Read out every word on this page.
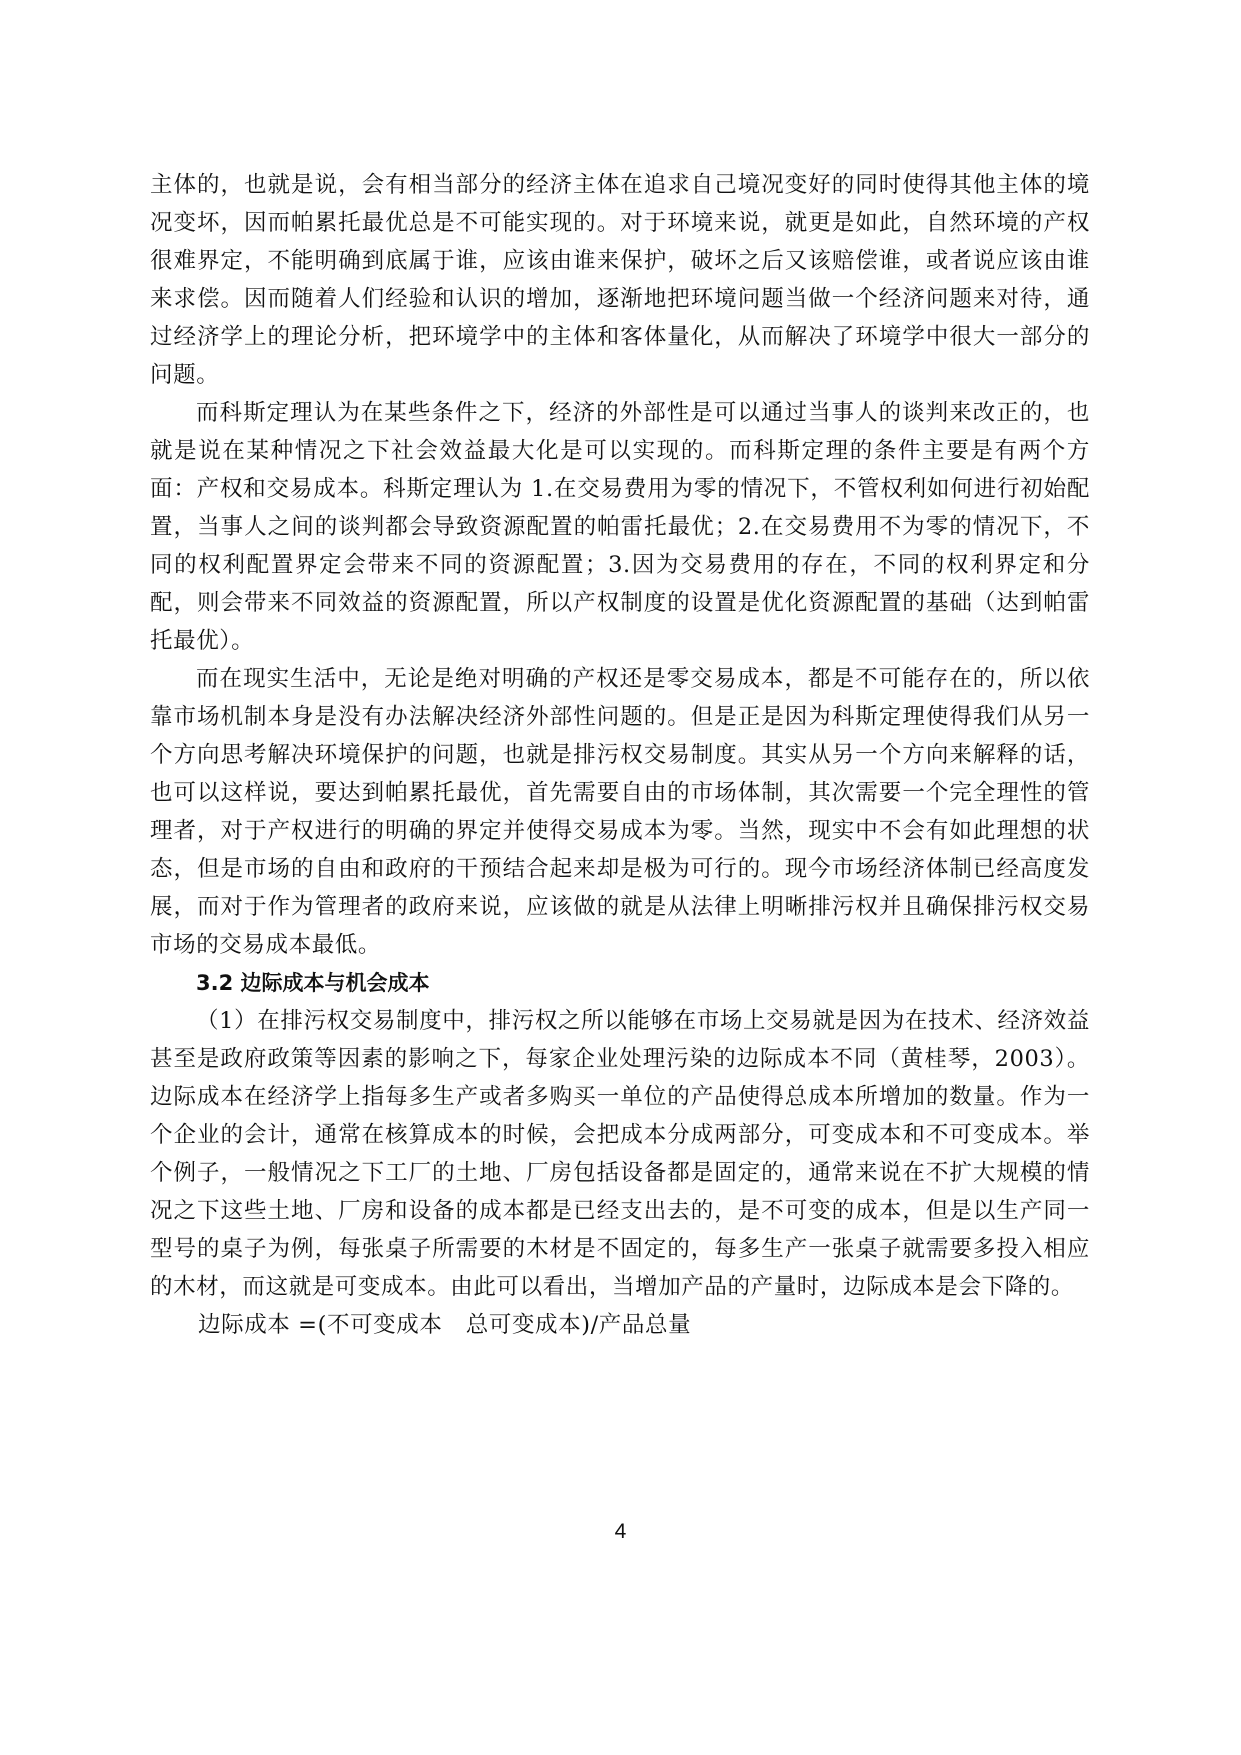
主体的，也就是说，会有相当部分的经济主体在追求自己境况变好的同时使得其他主体的境况变坏，因而帕累托最优总是不可能实现的。对于环境来说，就更是如此，自然环境的产权很难界定，不能明确到底属于谁，应该由谁来保护，破坏之后又该赔偿谁，或者说应该由谁来求偿。因而随着人们经验和认识的增加，逐渐地把环境问题当做一个经济问题来对待，通过经济学上的理论分析，把环境学中的主体和客体量化，从而解决了环境学中很大一部分的问题。

而科斯定理认为在某些条件之下，经济的外部性是可以通过当事人的谈判来改正的，也就是说在某种情况之下社会效益最大化是可以实现的。而科斯定理的条件主要是有两个方面：产权和交易成本。科斯定理认为 1.在交易费用为零的情况下，不管权利如何进行初始配置，当事人之间的谈判都会导致资源配置的帕雷托最优；2.在交易费用不为零的情况下，不同的权利配置界定会带来不同的资源配置；3.因为交易费用的存在，不同的权利界定和分配，则会带来不同效益的资源配置，所以产权制度的设置是优化资源配置的基础（达到帕雷托最优）。

而在现实生活中，无论是绝对明确的产权还是零交易成本，都是不可能存在的，所以依靠市场机制本身是没有办法解决经济外部性问题的。但是正是因为科斯定理使得我们从另一个方向思考解决环境保护的问题，也就是排污权交易制度。其实从另一个方向来解释的话，也可以这样说，要达到帕累托最优，首先需要自由的市场体制，其次需要一个完全理性的管理者，对于产权进行的明确的界定并使得交易成本为零。当然，现实中不会有如此理想的状态，但是市场的自由和政府的干预结合起来却是极为可行的。现今市场经济体制已经高度发展，而对于作为管理者的政府来说，应该做的就是从法律上明晰排污权并且确保排污权交易市场的交易成本最低。

3.2 边际成本与机会成本

（1）在排污权交易制度中，排污权之所以能够在市场上交易就是因为在技术、经济效益甚至是政府政策等因素的影响之下，每家企业处理污染的边际成本不同（黄桂琴，2003）。边际成本在经济学上指每多生产或者多购买一单位的产品使得总成本所增加的数量。作为一个企业的会计，通常在核算成本的时候，会把成本分成两部分，可变成本和不可变成本。举个例子，一般情况之下工厂的土地、厂房包括设备都是固定的，通常来说在不扩大规模的情况之下这些土地、厂房和设备的成本都是已经支出去的，是不可变的成本，但是以生产同一型号的桌子为例，每张桌子所需要的木材是不固定的，每多生产一张桌子就需要多投入相应的木材，而这就是可变成本。由此可以看出，当增加产品的产量时，边际成本是会下降的。

边际成本 =(不可变成本   总可变成本)/产品总量

4
